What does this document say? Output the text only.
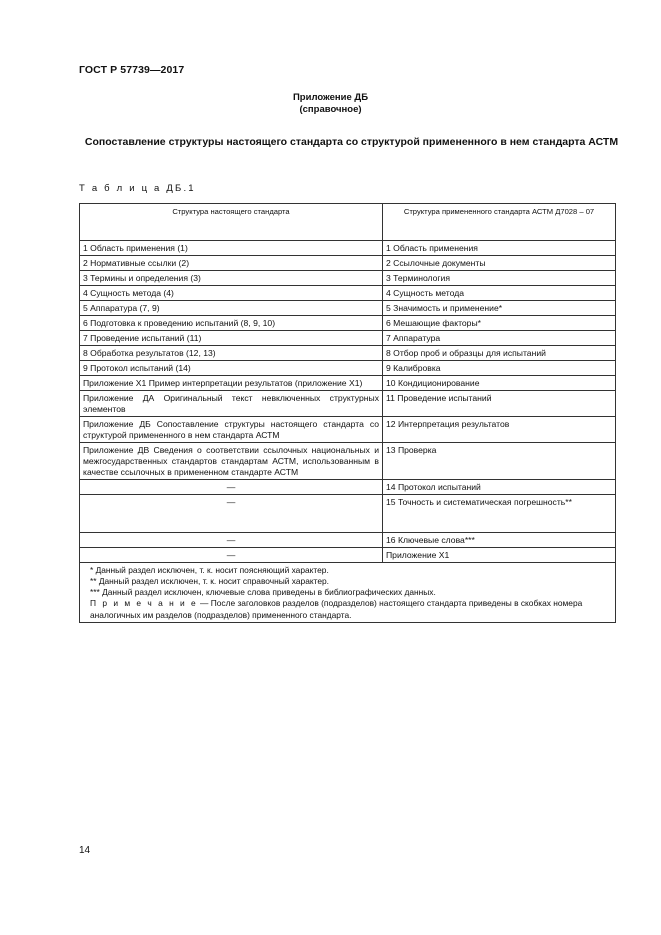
ГОСТ Р 57739—2017
Приложение ДБ
(справочное)
Сопоставление структуры настоящего стандарта со структурой примененного в нем стандарта АСТМ
Т а б л и ц а ДБ.1
Структура настоящего стандарта	Структура примененного стандарта АСТМ Д7028 – 07
1 Область применения (1)	1 Область применения
2 Нормативные ссылки (2)	2 Ссылочные документы
3 Термины и определения (3)	3 Терминология
4 Сущность метода (4)	4 Сущность метода
5 Аппаратура (7, 9)	5 Значимость и применение*
6 Подготовка к проведению испытаний (8, 9, 10)	6 Мешающие факторы*
7 Проведение испытаний (11)	7 Аппаратура
8 Обработка результатов (12, 13)	8 Отбор проб и образцы для испытаний
9 Протокол испытаний (14)	9 Калибровка
Приложение Х1 Пример интерпретации результатов (приложение Х1)	10 Кондиционирование
Приложение ДА Оригинальный текст невключенных структурных элементов	11 Проведение испытаний
Приложение ДБ Сопоставление структуры настоящего стандарта со структурой примененного в нем стандарта АСТМ	12 Интерпретация результатов
Приложение ДВ Сведения о соответствии ссылочных национальных и межгосударственных стандартов стандартам АСТМ, использованным в качестве ссылочных в примененном стандарте АСТМ	13 Проверка
—	14 Протокол испытаний
—	15 Точность и систематическая погрешность**
—	16 Ключевые слова***
—	Приложение Х1

* Данный раздел исключен, т. к. носит поясняющий характер.
** Данный раздел исключен, т. к. носит справочный характер.
*** Данный раздел исключен, ключевые слова приведены в библиографических данных.
П р и м е ч а н и е — После заголовков разделов (подразделов) настоящего стандарта приведены в скобках номера аналогичных им разделов (подразделов) примененного стандарта.	
14
